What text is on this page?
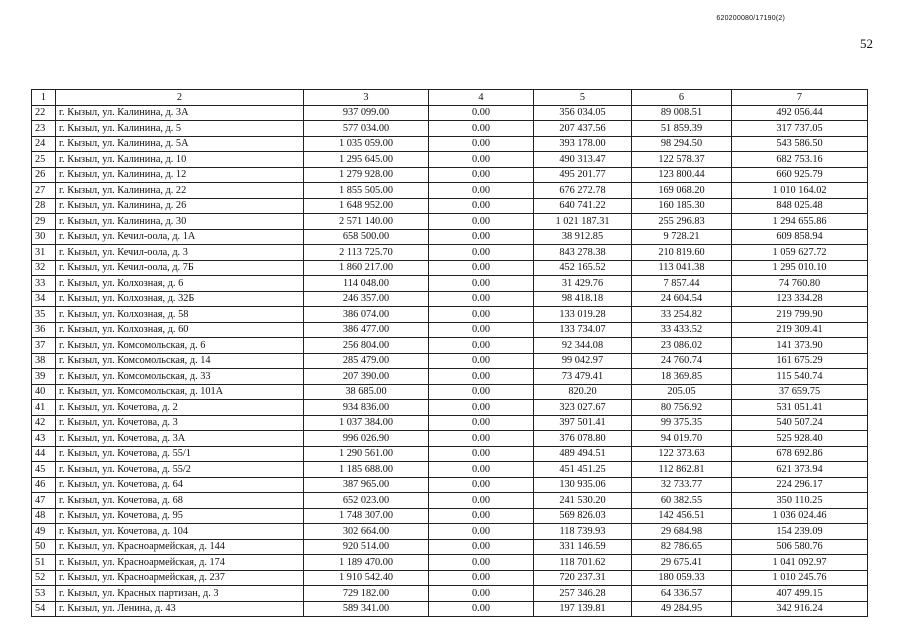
620200080/17190(2)
52
1	2	3	4	5	6	7
22	г. Кызыл, ул. Калинина, д. 3А	937 099.00	0.00	356 034.05	89 008.51	492 056.44
23	г. Кызыл, ул. Калинина, д. 5	577 034.00	0.00	207 437.56	51 859.39	317 737.05
24	г. Кызыл, ул. Калинина, д. 5А	1 035 059.00	0.00	393 178.00	98 294.50	543 586.50
25	г. Кызыл, ул. Калинина, д. 10	1 295 645.00	0.00	490 313.47	122 578.37	682 753.16
26	г. Кызыл, ул. Калинина, д. 12	1 279 928.00	0.00	495 201.77	123 800.44	660 925.79
27	г. Кызыл, ул. Калинина, д. 22	1 855 505.00	0.00	676 272.78	169 068.20	1 010 164.02
28	г. Кызыл, ул. Калинина, д. 26	1 648 952.00	0.00	640 741.22	160 185.30	848 025.48
29	г. Кызыл, ул. Калинина, д. 30	2 571 140.00	0.00	1 021 187.31	255 296.83	1 294 655.86
30	г. Кызыл, ул. Кечил-оола, д. 1А	658 500.00	0.00	38 912.85	9 728.21	609 858.94
31	г. Кызыл, ул. Кечил-оола, д. 3	2 113 725.70	0.00	843 278.38	210 819.60	1 059 627.72
32	г. Кызыл, ул. Кечил-оола, д. 7Б	1 860 217.00	0.00	452 165.52	113 041.38	1 295 010.10
33	г. Кызыл, ул. Колхозная, д. 6	114 048.00	0.00	31 429.76	7 857.44	74 760.80
34	г. Кызыл, ул. Колхозная, д. 32Б	246 357.00	0.00	98 418.18	24 604.54	123 334.28
35	г. Кызыл, ул. Колхозная, д. 58	386 074.00	0.00	133 019.28	33 254.82	219 799.90
36	г. Кызыл, ул. Колхозная, д. 60	386 477.00	0.00	133 734.07	33 433.52	219 309.41
37	г. Кызыл, ул. Комсомольская, д. 6	256 804.00	0.00	92 344.08	23 086.02	141 373.90
38	г. Кызыл, ул. Комсомольская, д. 14	285 479.00	0.00	99 042.97	24 760.74	161 675.29
39	г. Кызыл, ул. Комсомольская, д. 33	207 390.00	0.00	73 479.41	18 369.85	115 540.74
40	г. Кызыл, ул. Комсомольская, д. 101А	38 685.00	0.00	820.20	205.05	37 659.75
41	г. Кызыл, ул. Кочетова, д. 2	934 836.00	0.00	323 027.67	80 756.92	531 051.41
42	г. Кызыл, ул. Кочетова, д. 3	1 037 384.00	0.00	397 501.41	99 375.35	540 507.24
43	г. Кызыл, ул. Кочетова, д. 3А	996 026.90	0.00	376 078.80	94 019.70	525 928.40
44	г. Кызыл, ул. Кочетова, д. 55/1	1 290 561.00	0.00	489 494.51	122 373.63	678 692.86
45	г. Кызыл, ул. Кочетова, д. 55/2	1 185 688.00	0.00	451 451.25	112 862.81	621 373.94
46	г. Кызыл, ул. Кочетова, д. 64	387 965.00	0.00	130 935.06	32 733.77	224 296.17
47	г. Кызыл, ул. Кочетова, д. 68	652 023.00	0.00	241 530.20	60 382.55	350 110.25
48	г. Кызыл, ул. Кочетова, д. 95	1 748 307.00	0.00	569 826.03	142 456.51	1 036 024.46
49	г. Кызыл, ул. Кочетова, д. 104	302 664.00	0.00	118 739.93	29 684.98	154 239.09
50	г. Кызыл, ул. Красноармейская, д. 144	920 514.00	0.00	331 146.59	82 786.65	506 580.76
51	г. Кызыл, ул. Красноармейская, д. 174	1 189 470.00	0.00	118 701.62	29 675.41	1 041 092.97
52	г. Кызыл, ул. Красноармейская, д. 237	1 910 542.40	0.00	720 237.31	180 059.33	1 010 245.76
53	г. Кызыл, ул. Красных партизан, д. 3	729 182.00	0.00	257 346.28	64 336.57	407 499.15
54	г. Кызыл, ул. Ленина, д. 43	589 341.00	0.00	197 139.81	49 284.95	342 916.24
